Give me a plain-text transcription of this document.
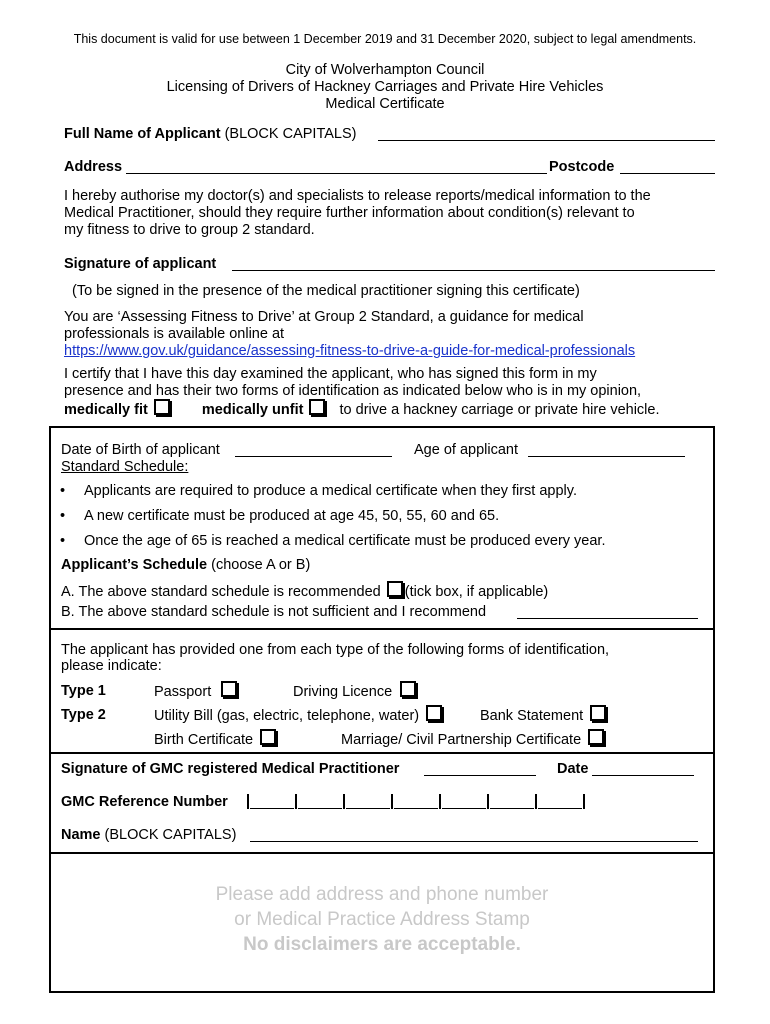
This document is valid for use between 1 December 2019 and 31 December 2020, subject to legal amendments.
City of Wolverhampton Council
Licensing of Drivers of Hackney Carriages and Private Hire Vehicles
Medical Certificate
Full Name of Applicant (BLOCK CAPITALS)
Address	Postcode
I hereby authorise my doctor(s) and specialists to release reports/medical information to the
Medical Practitioner, should they require further information about condition(s) relevant to
my fitness to drive to group 2 standard.
Signature of applicant
(To be signed in the presence of the medical practitioner signing this certificate)
You are ‘Assessing Fitness to Drive’ at Group 2 Standard, a guidance for medical
professionals is available online at
https://www.gov.uk/guidance/assessing-fitness-to-drive-a-guide-for-medical-professionals
I certify that I have this day examined the applicant, who has signed this form in my
presence and has their two forms of identification as indicated below who is in my opinion,
medically fit	medically unfit to drive a hackney carriage or private hire vehicle.
Date of Birth of applicant	Age of applicant
Standard Schedule:
• Applicants are required to produce a medical certificate when they first apply.
• A new certificate must be produced at age 45, 50, 55, 60 and 65.
• Once the age of 65 is reached a medical certificate must be produced every year.
Applicant’s Schedule (choose A or B)
A. The above standard schedule is recommended (tick box, if applicable)
B. The above standard schedule is not sufficient and I recommend
The applicant has provided one from each type of the following forms of identification,
please indicate:
Type 1	Passport	Driving Licence
Type 2	Utility Bill (gas, electric, telephone, water)	Bank Statement
Birth Certificate	Marriage/ Civil Partnership Certificate
Signature of GMC registered Medical Practitioner	Date
GMC Reference Number
Name (BLOCK CAPITALS)
Please add address and phone number
or Medical Practice Address Stamp
No disclaimers are acceptable.
